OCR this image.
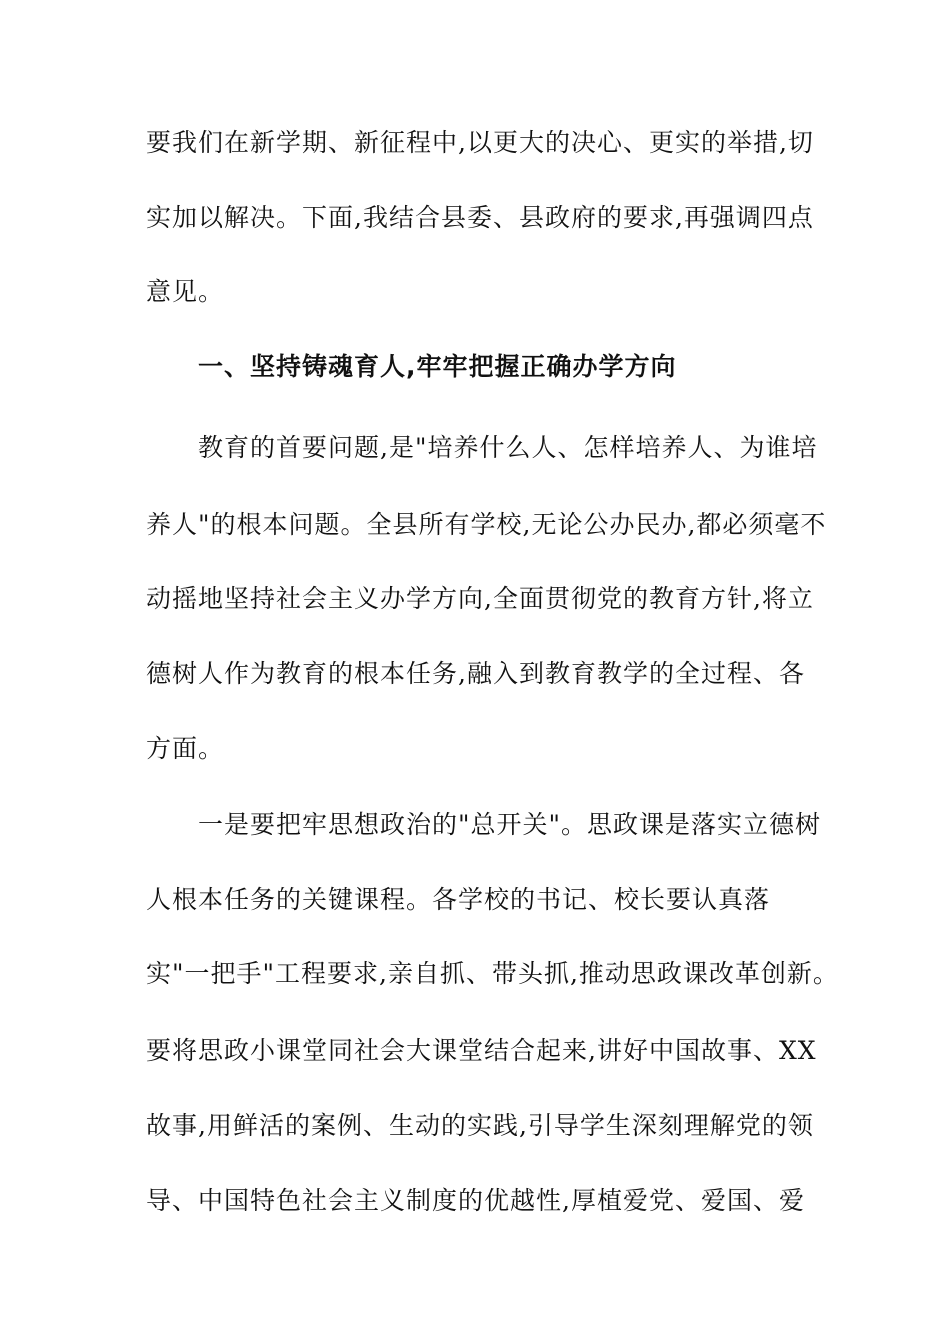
要我们在新学期、新征程中,以更大的决心、更实的举措,切
实加以解决。下面,我结合县委、县政府的要求,再强调四点
意见。
一、坚持铸魂育人,牢牢把握正确办学方向
教育的首要问题,是"培养什么人、怎样培养人、为谁培
养人"的根本问题。全县所有学校,无论公办民办,都必须毫不
动摇地坚持社会主义办学方向,全面贯彻党的教育方针,将立
德树人作为教育的根本任务,融入到教育教学的全过程、各
方面。
一是要把牢思想政治的"总开关"。思政课是落实立德树
人根本任务的关键课程。各学校的书记、校长要认真落
实"一把手"工程要求,亲自抓、带头抓,推动思政课改革创新。
要将思政小课堂同社会大课堂结合起来,讲好中国故事、XX
故事,用鲜活的案例、生动的实践,引导学生深刻理解党的领
导、中国特色社会主义制度的优越性,厚植爱党、爱国、爱
